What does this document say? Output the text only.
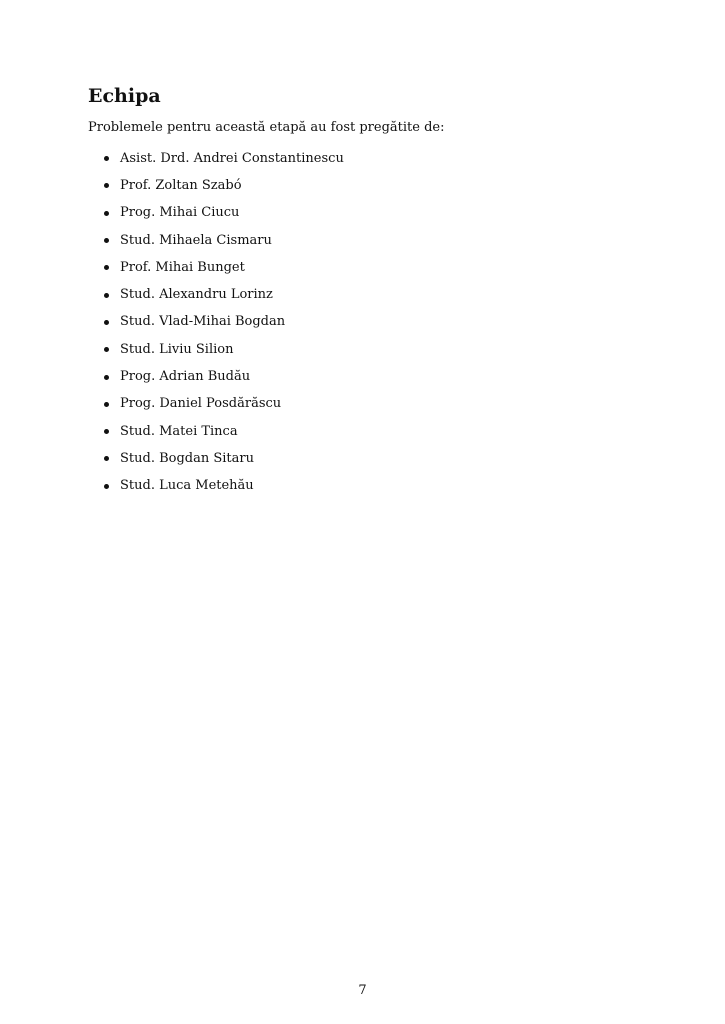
Echipa

Problemele pentru această etapă au fost pregătite de:

Asist. Drd. Andrei Constantinescu
Prof. Zoltan Szabó
Prog. Mihai Ciucu
Stud. Mihaela Cismaru
Prof. Mihai Bunget
Stud. Alexandru Lorinz
Stud. Vlad-Mihai Bogdan
Stud. Liviu Silion
Prog. Adrian Budău
Prog. Daniel Posdărăscu
Stud. Matei Tinca
Stud. Bogdan Sitaru
Stud. Luca Metehău
7
